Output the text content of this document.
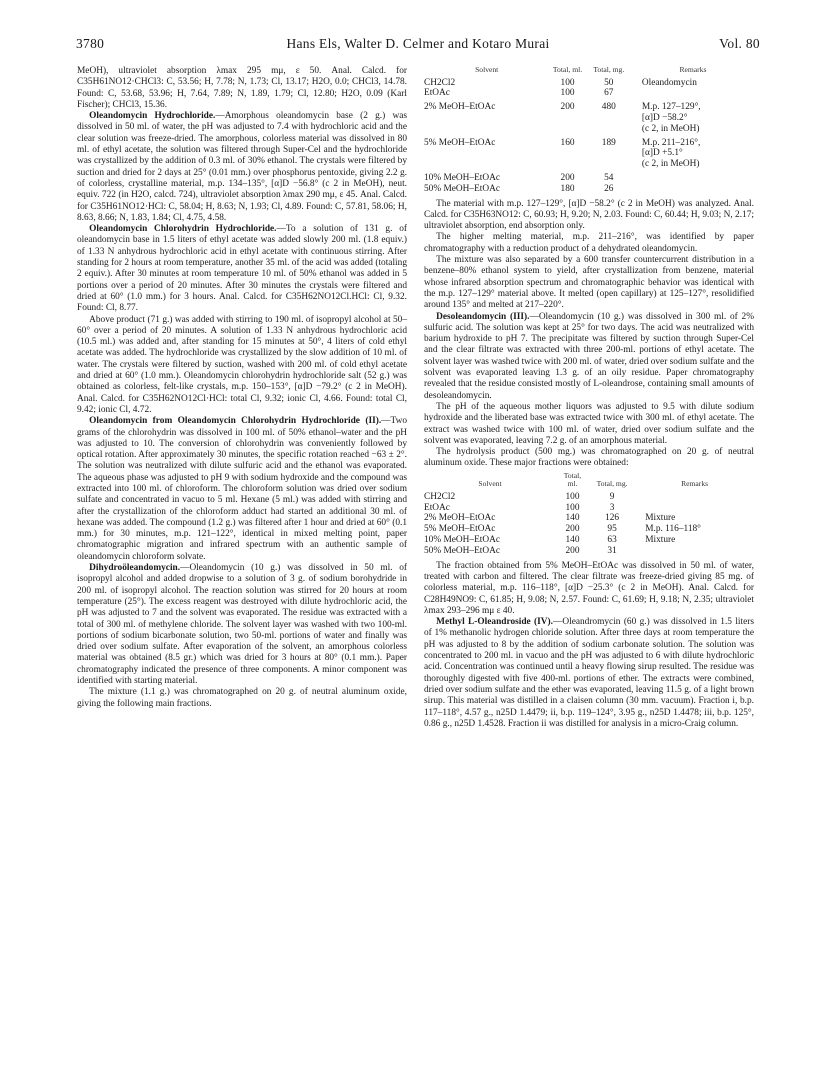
3780	Hans Els, Walter D. Celmer and Kotaro Murai	Vol. 80

MeOH), ultraviolet absorption λmax 295 mμ, ε 50. Anal. Calcd. for C35H61NO12·CHCl3: C, 53.56; H, 7.78; N, 1.73; Cl, 13.17; H2O, 0.0; CHCl3, 14.78. Found: C, 53.68, 53.96; H, 7.64, 7.89; N, 1.89, 1.79; Cl, 12.80; H2O, 0.09 (Karl Fischer); CHCl3, 15.36.

Oleandomycin Hydrochloride.—Amorphous oleandomycin base (2 g.) was dissolved in 50 ml. of water, the pH was adjusted to 7.4 with hydrochloric acid and the clear solution was freeze-dried. The amorphous, colorless material was dissolved in 80 ml. of ethyl acetate, the solution was filtered through Super-Cel and the hydrochloride was crystallized by the addition of 0.3 ml. of 30% ethanol. The crystals were filtered by suction and dried for 2 days at 25° (0.01 mm.) over phosphorus pentoxide, giving 2.2 g. of colorless, crystalline material, m.p. 134–135°, [α]D −56.8° (c 2 in MeOH), neut. equiv. 722 (in H2O, calcd. 724), ultraviolet absorption λmax 290 mμ, ε 45. Anal. Calcd. for C35H61NO12·HCl: C, 58.04; H, 8.63; N, 1.93; Cl, 4.89. Found: C, 57.81, 58.06; H, 8.63, 8.66; N, 1.83, 1.84; Cl, 4.75, 4.58.

Oleandomycin Chlorohydrin Hydrochloride.—To a solution of 131 g. of oleandomycin base in 1.5 liters of ethyl acetate was added slowly 200 ml. (1.8 equiv.) of 1.33 N anhydrous hydrochloric acid in ethyl acetate with continuous stirring. After standing for 2 hours at room temperature, another 35 ml. of the acid was added (totaling 2 equiv.). After 30 minutes at room temperature 10 ml. of 50% ethanol was added in 5 portions over a period of 20 minutes. After 30 minutes the crystals were filtered and dried at 60° (1.0 mm.) for 3 hours. Anal. Calcd. for C35H62NO12Cl.HCl: Cl, 9.32. Found: Cl, 8.77.

Above product (71 g.) was added with stirring to 190 ml. of isopropyl alcohol at 50–60° over a period of 20 minutes. A solution of 1.33 N anhydrous hydrochloric acid (10.5 ml.) was added and, after standing for 15 minutes at 50°, 4 liters of cold ethyl acetate was added. The hydrochloride was crystallized by the slow addition of 10 ml. of water. The crystals were filtered by suction, washed with 200 ml. of cold ethyl acetate and dried at 60° (1.0 mm.). Oleandomycin chlorohydrin hydrochloride salt (52 g.) was obtained as colorless, felt-like crystals, m.p. 150–153°, [α]D −79.2° (c 2 in MeOH). Anal. Calcd. for C35H62NO12Cl·HCl: total Cl, 9.32; ionic Cl, 4.66. Found: total Cl, 9.42; ionic Cl, 4.72.

Oleandomycin from Oleandomycin Chlorohydrin Hydrochloride (II).—Two grams of the chlorohydrin was dissolved in 100 ml. of 50% ethanol–water and the pH was adjusted to 10. The conversion of chlorohydrin was conveniently followed by optical rotation. After approximately 30 minutes, the specific rotation reached −63 ± 2°. The solution was neutralized with dilute sulfuric acid and the ethanol was evaporated. The aqueous phase was adjusted to pH 9 with sodium hydroxide and the compound was extracted into 100 ml. of chloroform. The chloroform solution was dried over sodium sulfate and concentrated in vacuo to 5 ml. Hexane (5 ml.) was added with stirring and after the crystallization of the chloroform adduct had started an additional 30 ml. of hexane was added. The compound (1.2 g.) was filtered after 1 hour and dried at 60° (0.1 mm.) for 30 minutes, m.p. 121–122°, identical in mixed melting point, paper chromatographic migration and infrared spectrum with an authentic sample of oleandomycin chloroform solvate.

Dihydroöleandomycin.—Oleandomycin (10 g.) was dissolved in 50 ml. of isopropyl alcohol and added dropwise to a solution of 3 g. of sodium borohydride in 200 ml. of isopropyl alcohol. The reaction solution was stirred for 20 hours at room temperature (25°). The excess reagent was destroyed with dilute hydrochloric acid, the pH was adjusted to 7 and the solvent was evaporated. The residue was extracted with a total of 300 ml. of methylene chloride. The solvent layer was washed with two 100-ml. portions of sodium bicarbonate solution, two 50-ml. portions of water and finally was dried over sodium sulfate. After evaporation of the solvent, an amorphous colorless material was obtained (8.5 gr.) which was dried for 3 hours at 80° (0.1 mm.). Paper chromatography indicated the presence of three components. A minor component was identified with starting material.

The mixture (1.1 g.) was chromatographed on 20 g. of neutral aluminum oxide, giving the following main fractions.

Solvent	Total, ml.	Total, mg.	Remarks
CH2Cl2	100	50	Oleandomycin
EtOAc	100	67	
2% MeOH–EtOAc	200	480	M.p. 127–129°,
			[α]D −58.2°
			(c 2, in MeOH)
5% MeOH–EtOAc	160	189	M.p. 211–216°,
			[α]D +5.1°
			(c 2, in MeOH)
10% MeOH–EtOAc	200	54	
50% MeOH–EtOAc	180	26	

The material with m.p. 127–129°, [α]D −58.2° (c 2 in MeOH) was analyzed. Anal. Calcd. for C35H63NO12: C, 60.93; H, 9.20; N, 2.03. Found: C, 60.44; H, 9.03; N, 2.17; ultraviolet absorption, end absorption only.

The higher melting material, m.p. 211–216°, was identified by paper chromatography with a reduction product of a dehydrated oleandomycin.

The mixture was also separated by a 600 transfer countercurrent distribution in a benzene–80% ethanol system to yield, after crystallization from benzene, material whose infrared absorption spectrum and chromatographic behavior was identical with the m.p. 127–129° material above. It melted (open capillary) at 125–127°, resolidified around 135° and melted at 217–220°.

Desoleandomycin (III).—Oleandomycin (10 g.) was dissolved in 300 ml. of 2% sulfuric acid. The solution was kept at 25° for two days. The acid was neutralized with barium hydroxide to pH 7. The precipitate was filtered by suction through Super-Cel and the clear filtrate was extracted with three 200-ml. portions of ethyl acetate. The solvent layer was washed twice with 200 ml. of water, dried over sodium sulfate and the solvent was evaporated leaving 1.3 g. of an oily residue. Paper chromatography revealed that the residue consisted mostly of L-oleandrose, containing small amounts of desoleandomycin.

The pH of the aqueous mother liquors was adjusted to 9.5 with dilute sodium hydroxide and the liberated base was extracted twice with 300 ml. of ethyl acetate. The extract was washed twice with 100 ml. of water, dried over sodium sulfate and the solvent was evaporated, leaving 7.2 g. of an amorphous material.

The hydrolysis product (500 mg.) was chromatographed on 20 g. of neutral aluminum oxide. These major fractions were obtained:

Solvent	Total, ml.	Total, mg.	Remarks
CH2Cl2	100	9	
EtOAc	100	3	
2% MeOH–EtOAc	140	126	Mixture
5% MeOH–EtOAc	200	95	M.p. 116–118°
10% MeOH–EtOAc	140	63	Mixture
50% MeOH–EtOAc	200	31	

The fraction obtained from 5% MeOH–EtOAc was dissolved in 50 ml. of water, treated with carbon and filtered. The clear filtrate was freeze-dried giving 85 mg. of colorless material, m.p. 116–118°, [α]D −25.3° (c 2 in MeOH). Anal. Calcd. for C28H49NO9: C, 61.85; H, 9.08; N, 2.57. Found: C, 61.69; H, 9.18; N, 2.35; ultraviolet λmax 293–296 mμ ε 40.

Methyl L-Oleandroside (IV).—Oleandromycin (60 g.) was dissolved in 1.5 liters of 1% methanolic hydrogen chloride solution. After three days at room temperature the pH was adjusted to 8 by the addition of sodium carbonate solution. The solution was concentrated to 200 ml. in vacuo and the pH was adjusted to 6 with dilute hydrochloric acid. Concentration was continued until a heavy flowing sirup resulted. The residue was thoroughly digested with five 400-ml. portions of ether. The extracts were combined, dried over sodium sulfate and the ether was evaporated, leaving 11.5 g. of a light brown sirup. This material was distilled in a claisen column (30 mm. vacuum). Fraction i, b.p. 117–118°, 4.57 g., n25D 1.4479; ii, b.p. 119–124°, 3.95 g., n25D 1.4478; iii, b.p. 125°, 0.86 g., n25D 1.4528. Fraction ii was distilled for analysis in a micro-Craig column.
